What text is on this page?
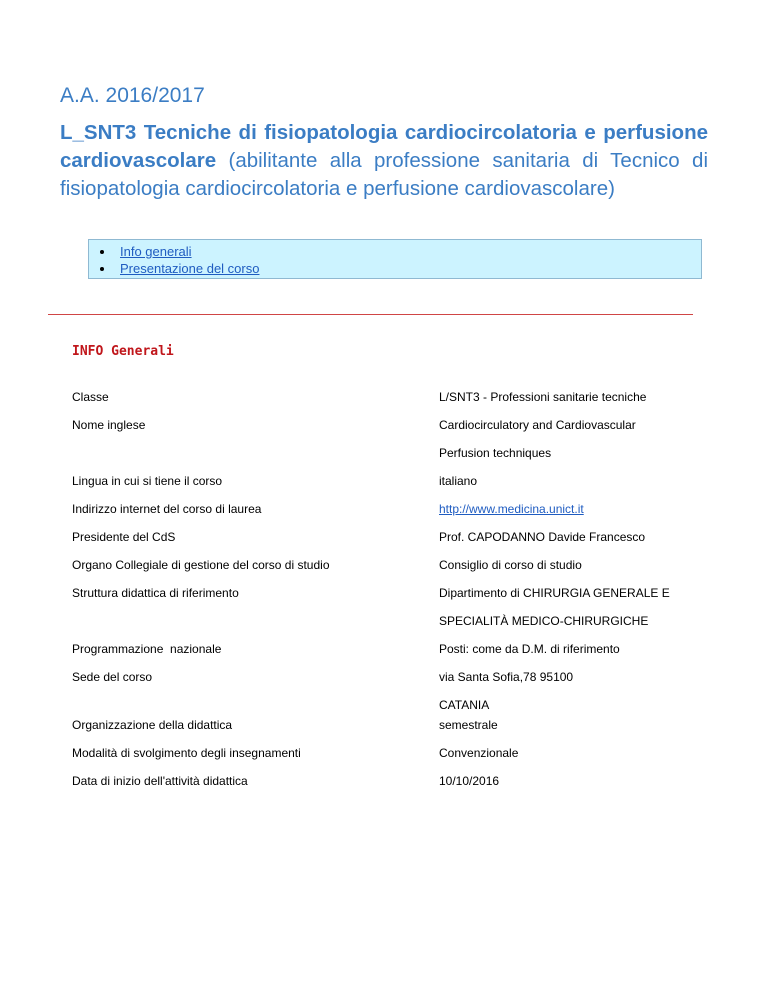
A.A. 2016/2017
L_SNT3 Tecniche di fisiopatologia cardiocircolatoria e perfusione cardiovascolare (abilitante alla professione sanitaria di Tecnico di fisiopatologia cardiocircolatoria e perfusione cardiovascolare)
Info generali
Presentazione del corso
INFO Generali
Classe	L/SNT3 - Professioni sanitarie tecniche
Nome inglese	Cardiocirculatory and Cardiovascular
Perfusion techniques
Lingua in cui si tiene il corso	italiano
Indirizzo internet del corso di laurea	http://www.medicina.unict.it
Presidente del CdS	Prof. CAPODANNO Davide Francesco
Organo Collegiale di gestione del corso di studio	Consiglio di corso di studio
Struttura didattica di riferimento	Dipartimento di CHIRURGIA GENERALE E
SPECIALITÀ MEDICO-CHIRURGICHE
Programmazione  nazionale	Posti: come da D.M. di riferimento
Sede del corso	via Santa Sofia,78 95100
CATANIA
Organizzazione della didattica	semestrale
Modalità di svolgimento degli insegnamenti	Convenzionale
Data di inizio dell'attività didattica	10/10/2016
